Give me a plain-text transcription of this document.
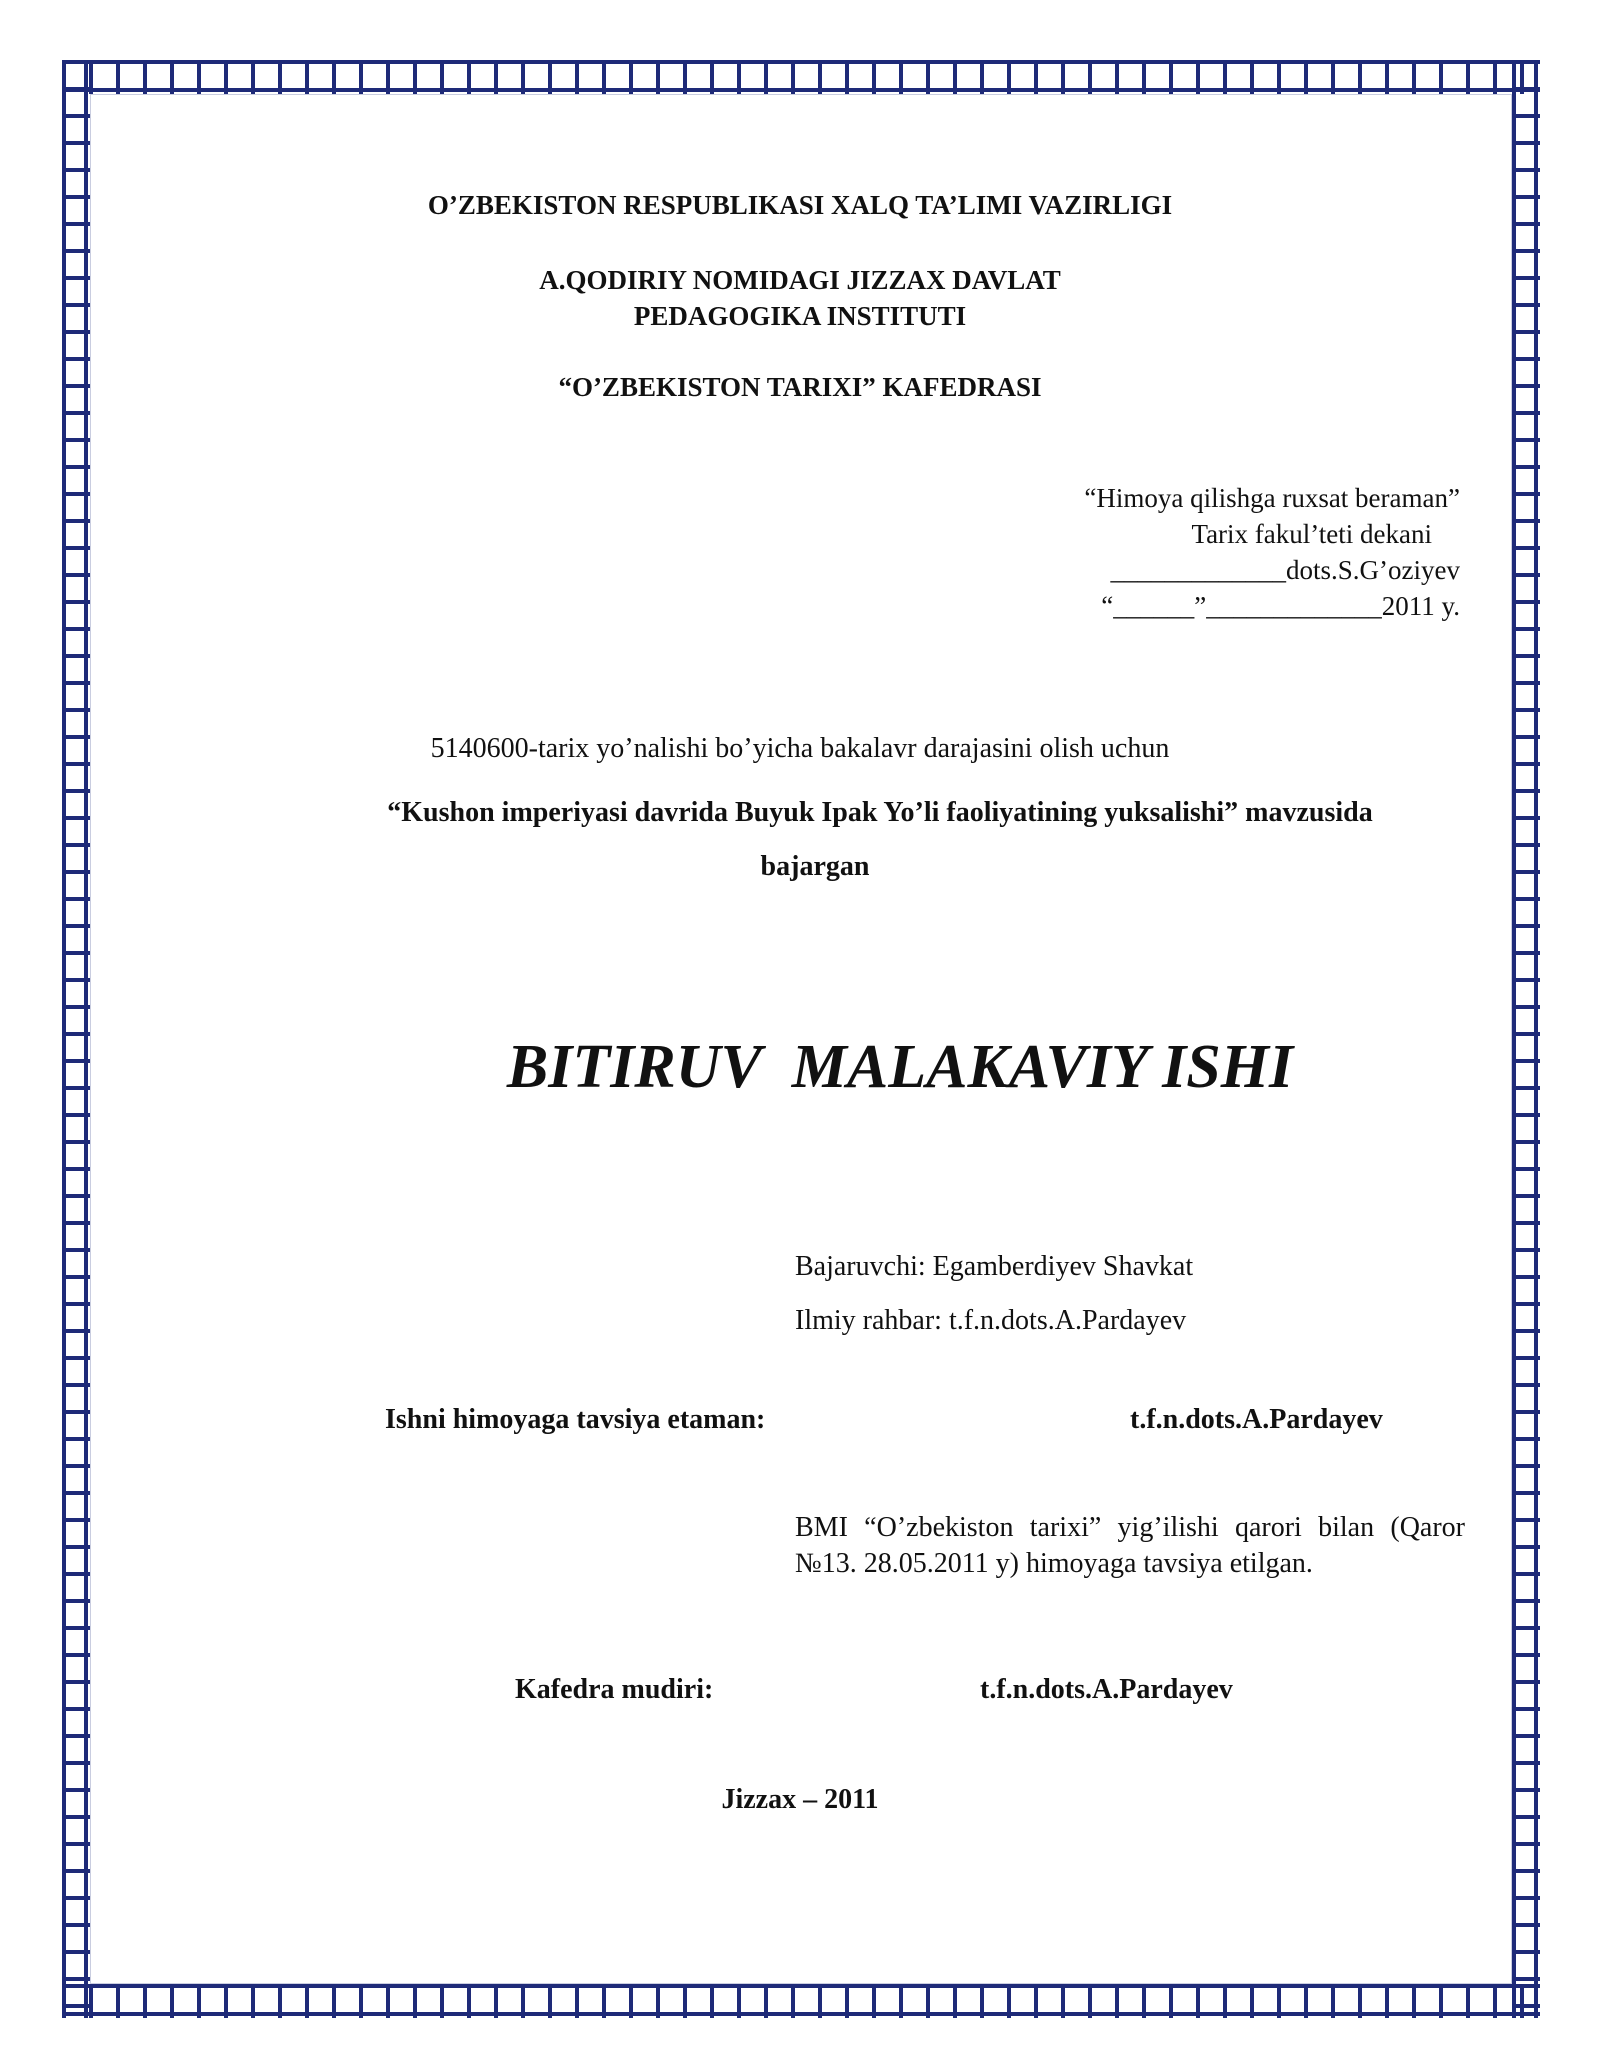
O’ZBEKISTON RESPUBLIKASI XALQ TA’LIMI VAZIRLIGI
A.QODIRIY NOMIDAGI JIZZAX DAVLAT
PEDAGOGIKA INSTITUTI
“O’ZBEKISTON TARIXI” KAFEDRASI
“Himoya qilishga ruxsat beraman”
Tarix fakul’teti dekani
_____________dots.S.G’oziyev
“______”_____________2011 y.
5140600-tarix yo’nalishi bo’yicha bakalavr darajasini olish uchun
“Kushon imperiyasi davrida Buyuk Ipak Yo’li faoliyatining yuksalishi” mavzusida
bajargan
BITIRUV  MALAKAVIY ISHI
Bajaruvchi: Egamberdiyev Shavkat
Ilmiy rahbar: t.f.n.dots.A.Pardayev
Ishni himoyaga tavsiya etaman:	t.f.n.dots.A.Pardayev
BMI “O’zbekiston tarixi” yig’ilishi qarori bilan (Qaror №13. 28.05.2011 y) himoyaga tavsiya etilgan.
Kafedra mudiri:	t.f.n.dots.A.Pardayev
Jizzax – 2011
